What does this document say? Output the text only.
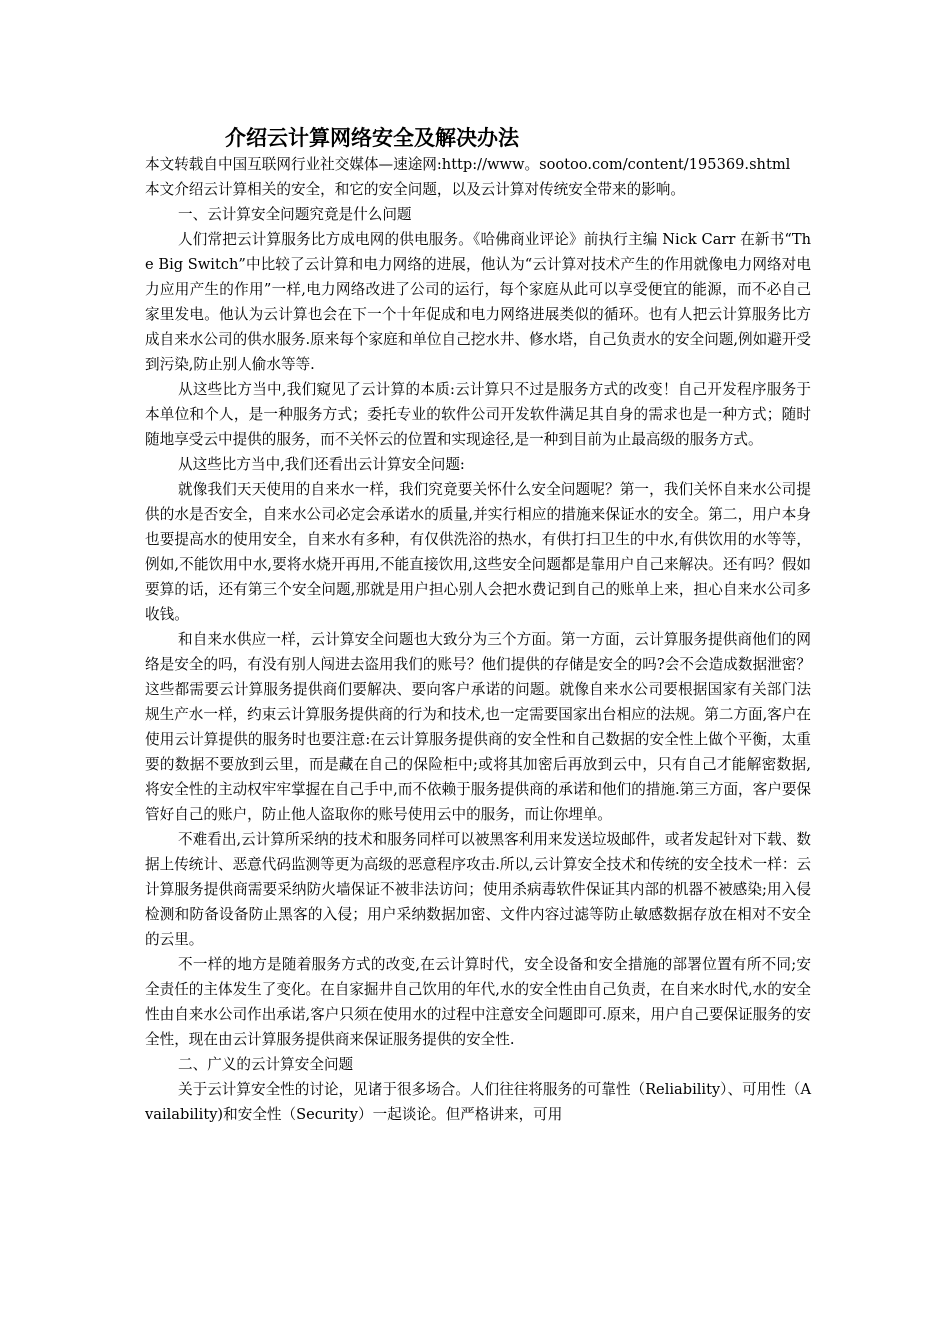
介绍云计算网络安全及解决办法

本文转载自中国互联网行业社交媒体—速途网:http://www。sootoo.com/content/195369.shtml

本文介绍云计算相关的安全，和它的安全问题，以及云计算对传统安全带来的影响。

一、云计算安全问题究竟是什么问题

人们常把云计算服务比方成电网的供电服务。《哈佛商业评论》前执行主编 Nick Carr 在新书“The Big Switch”中比较了云计算和电力网络的进展，他认为“云计算对技术产生的作用就像电力网络对电力应用产生的作用”一样,电力网络改进了公司的运行，每个家庭从此可以享受便宜的能源，而不必自己家里发电。他认为云计算也会在下一个十年促成和电力网络进展类似的循环。也有人把云计算服务比方成自来水公司的供水服务.原来每个家庭和单位自己挖水井、修水塔，自己负责水的安全问题,例如避开受到污染,防止别人偷水等等.

从这些比方当中,我们窥见了云计算的本质:云计算只不过是服务方式的改变！自己开发程序服务于本单位和个人，是一种服务方式；委托专业的软件公司开发软件满足其自身的需求也是一种方式；随时随地享受云中提供的服务，而不关怀云的位置和实现途径,是一种到目前为止最高级的服务方式。

从这些比方当中,我们还看出云计算安全问题:

就像我们天天使用的自来水一样，我们究竟要关怀什么安全问题呢？第一，我们关怀自来水公司提供的水是否安全，自来水公司必定会承诺水的质量,并实行相应的措施来保证水的安全。第二，用户本身也要提高水的使用安全，自来水有多种，有仅供洗浴的热水，有供打扫卫生的中水,有供饮用的水等等，例如,不能饮用中水,要将水烧开再用,不能直接饮用,这些安全问题都是靠用户自己来解决。还有吗？假如要算的话，还有第三个安全问题,那就是用户担心别人会把水费记到自己的账单上来，担心自来水公司多收钱。

和自来水供应一样，云计算安全问题也大致分为三个方面。第一方面，云计算服务提供商他们的网络是安全的吗，有没有别人闯进去盗用我们的账号？他们提供的存储是安全的吗?会不会造成数据泄密？这些都需要云计算服务提供商们要解决、要向客户承诺的问题。就像自来水公司要根据国家有关部门法规生产水一样，约束云计算服务提供商的行为和技术,也一定需要国家出台相应的法规。第二方面,客户在使用云计算提供的服务时也要注意:在云计算服务提供商的安全性和自己数据的安全性上做个平衡，太重要的数据不要放到云里，而是藏在自己的保险柜中;或将其加密后再放到云中，只有自己才能解密数据,将安全性的主动权牢牢掌握在自己手中,而不依赖于服务提供商的承诺和他们的措施.第三方面，客户要保管好自己的账户，防止他人盗取你的账号使用云中的服务，而让你埋单。

不难看出,云计算所采纳的技术和服务同样可以被黑客利用来发送垃圾邮件，或者发起针对下载、数据上传统计、恶意代码监测等更为高级的恶意程序攻击.所以,云计算安全技术和传统的安全技术一样：云计算服务提供商需要采纳防火墙保证不被非法访问；使用杀病毒软件保证其内部的机器不被感染;用入侵检测和防备设备防止黑客的入侵；用户采纳数据加密、文件内容过滤等防止敏感数据存放在相对不安全的云里。

不一样的地方是随着服务方式的改变,在云计算时代，安全设备和安全措施的部署位置有所不同;安全责任的主体发生了变化。在自家掘井自己饮用的年代,水的安全性由自己负责，在自来水时代,水的安全性由自来水公司作出承诺,客户只须在使用水的过程中注意安全问题即可.原来，用户自己要保证服务的安全性，现在由云计算服务提供商来保证服务提供的安全性.

二、广义的云计算安全问题

关于云计算安全性的讨论，见诸于很多场合。人们往往将服务的可靠性（Reliability）、可用性（Availability)和安全性（Security）一起谈论。但严格讲来，可用
